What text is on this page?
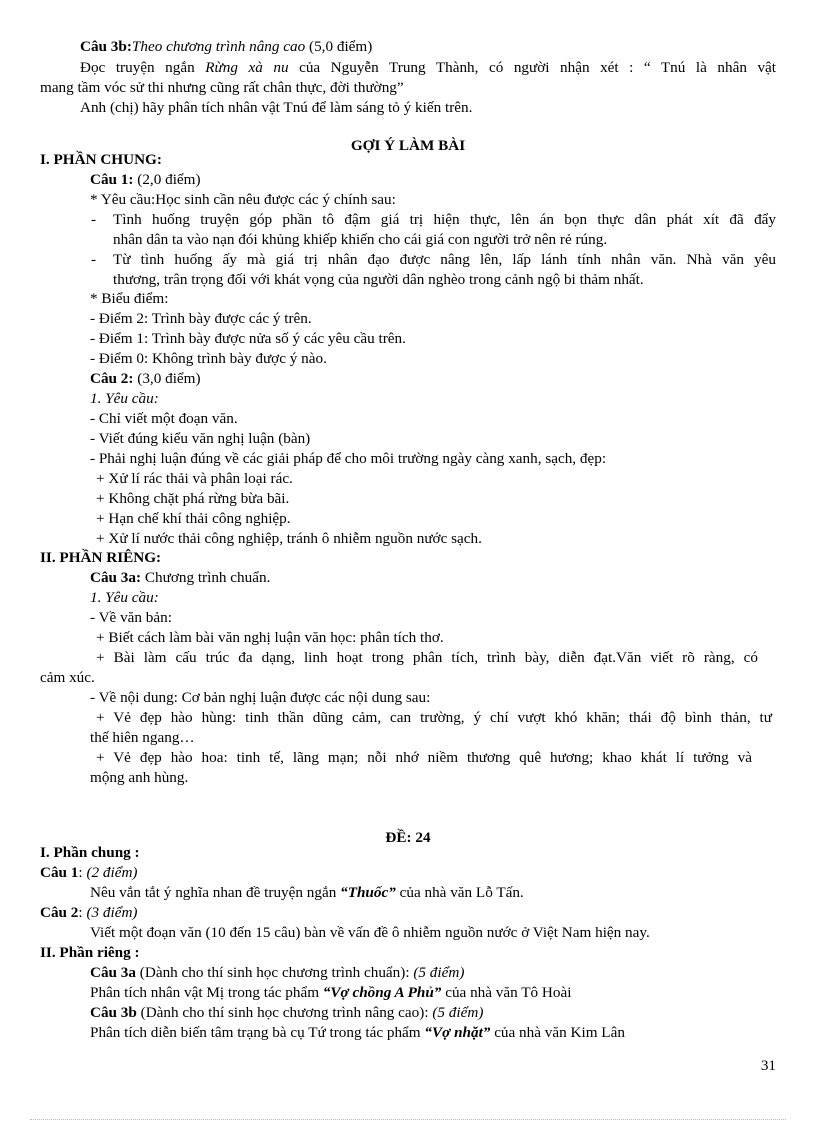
Câu 3b:Theo chương trình nâng cao (5,0 điểm)
Đọc truyện ngắn Rừng xà nu của Nguyễn Trung Thành, có người nhận xét : “ Tnú là nhân vật
mang tầm vóc sử thi nhưng cũng rất chân thực, đời thường”
Anh (chị) hãy phân tích nhân vật Tnú để làm sáng tỏ ý kiến trên.
GỢI Ý LÀM BÀI
I. PHẦN CHUNG:
Câu 1: (2,0 điểm)
* Yêu cầu:Học sinh cần nêu được các ý chính sau:
-	Tình huống truyện góp phần tô đậm giá trị hiện thực, lên án bọn thực dân phát xít đã đẩy
nhân dân ta vào nạn đói khủng khiếp khiến cho cái giá con người trở nên rẻ rúng.
-	Từ tình huống ấy mà giá trị nhân đạo được nâng lên, lấp lánh tính nhân văn. Nhà văn yêu
thương, trân trọng đối với khát vọng của người dân nghèo trong cảnh ngộ bi thảm nhất.
* Biểu điểm:
- Điểm 2: Trình bày được các ý trên.
- Điểm 1: Trình bày được nửa số ý các yêu cầu trên.
- Điểm 0: Không trình bày được ý nào.
Câu 2: (3,0 điểm)
1. Yêu cầu:
- Chỉ viết một đoạn văn.
- Viết đúng kiểu văn nghị luận (bàn)
- Phải nghị luận đúng về các giải pháp để cho môi trường ngày càng xanh, sạch, đẹp:
+ Xử lí rác thải và phân loại rác.
+ Không chặt phá rừng bừa bãi.
+ Hạn chế khí thải công nghiệp.
+ Xử lí nước thải công nghiệp, tránh ô nhiễm nguồn nước sạch.
II. PHẦN RIÊNG:
Câu 3a: Chương trình chuẩn.
1. Yêu cầu:
- Về văn bản:
+ Biết cách làm bài văn nghị luận văn học: phân tích thơ.
+ Bài làm cấu trúc đa dạng, linh hoạt trong phân tích, trình bày, diễn đạt.Văn viết rõ ràng, có
cảm xúc.
- Về nội dung: Cơ bản nghị luận được các nội dung sau:
+ Vẻ đẹp hào hùng: tinh thần dũng cảm, can trường, ý chí vượt khó khăn; thái độ bình thản, tư
thế hiên ngang…
+ Vẻ đẹp hào hoa: tinh tế, lãng mạn; nỗi nhớ niềm thương quê hương; khao khát lí tưởng và
mộng anh hùng.
ĐỀ: 24
I. Phần chung :
Câu 1: (2 điểm)
Nêu vắn tắt ý nghĩa nhan đề truyện ngắn “Thuốc” của nhà văn Lỗ Tấn.
Câu 2: (3 điểm)
Viết một đoạn văn (10 đến 15 câu) bàn về vấn đề ô nhiễm nguồn nước ở Việt Nam hiện nay.
II. Phần riêng :
Câu 3a (Dành cho thí sinh học chương trình chuẩn): (5 điểm)
Phân tích nhân vật Mị trong tác phẩm “Vợ chồng A Phủ” của nhà văn Tô Hoài
Câu 3b (Dành cho thí sinh học chương trình nâng cao): (5 điểm)
Phân tích diễn biến tâm trạng bà cụ Tứ trong tác phẩm “Vợ nhặt” của nhà văn Kim Lân
31
